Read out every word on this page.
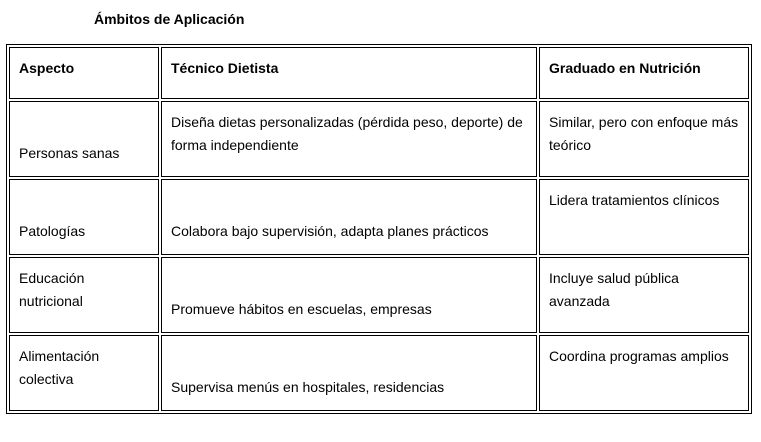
Ámbitos de Aplicación
Aspecto	Técnico Dietista	Graduado en Nutrición
Personas sanas	Diseña dietas personalizadas (pérdida peso, deporte) de forma independiente	Similar, pero con enfoque más teórico
Patologías	Colabora bajo supervisión, adapta planes prácticos	Lidera tratamientos clínicos
Educación nutricional	Promueve hábitos en escuelas, empresas	Incluye salud pública avanzada
Alimentación colectiva	Supervisa menús en hospitales, residencias	Coordina programas amplios
